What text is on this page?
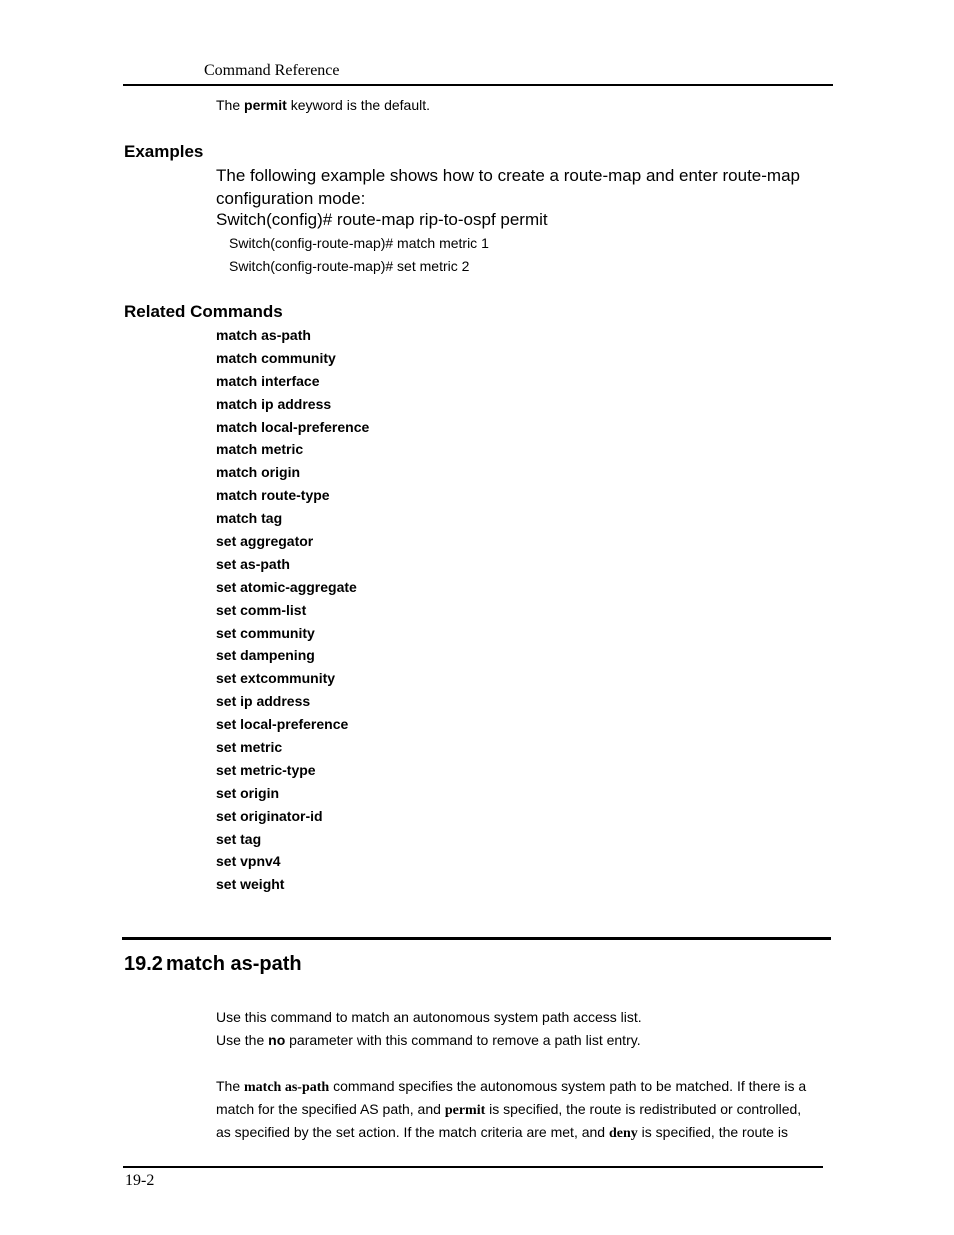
Command Reference
The permit keyword is the default.
Examples
The following example shows how to create a route-map and enter route-map configuration mode:
Switch(config)# route-map rip-to-ospf permit
Switch(config-route-map)# match metric 1
Switch(config-route-map)# set metric 2
Related Commands
match as-path
match community
match interface
match ip address
match local-preference
match metric
match origin
match route-type
match tag
set aggregator
set as-path
set atomic-aggregate
set comm-list
set community
set dampening
set extcommunity
set ip address
set local-preference
set metric
set metric-type
set origin
set originator-id
set tag
set vpnv4
set weight
19.2 match as-path
Use this command to match an autonomous system path access list.
Use the no parameter with this command to remove a path list entry.
The match as-path command specifies the autonomous system path to be matched. If there is a
match for the specified AS path, and permit is specified, the route is redistributed or controlled,
as specified by the set action. If the match criteria are met, and deny is specified, the route is
19-2
